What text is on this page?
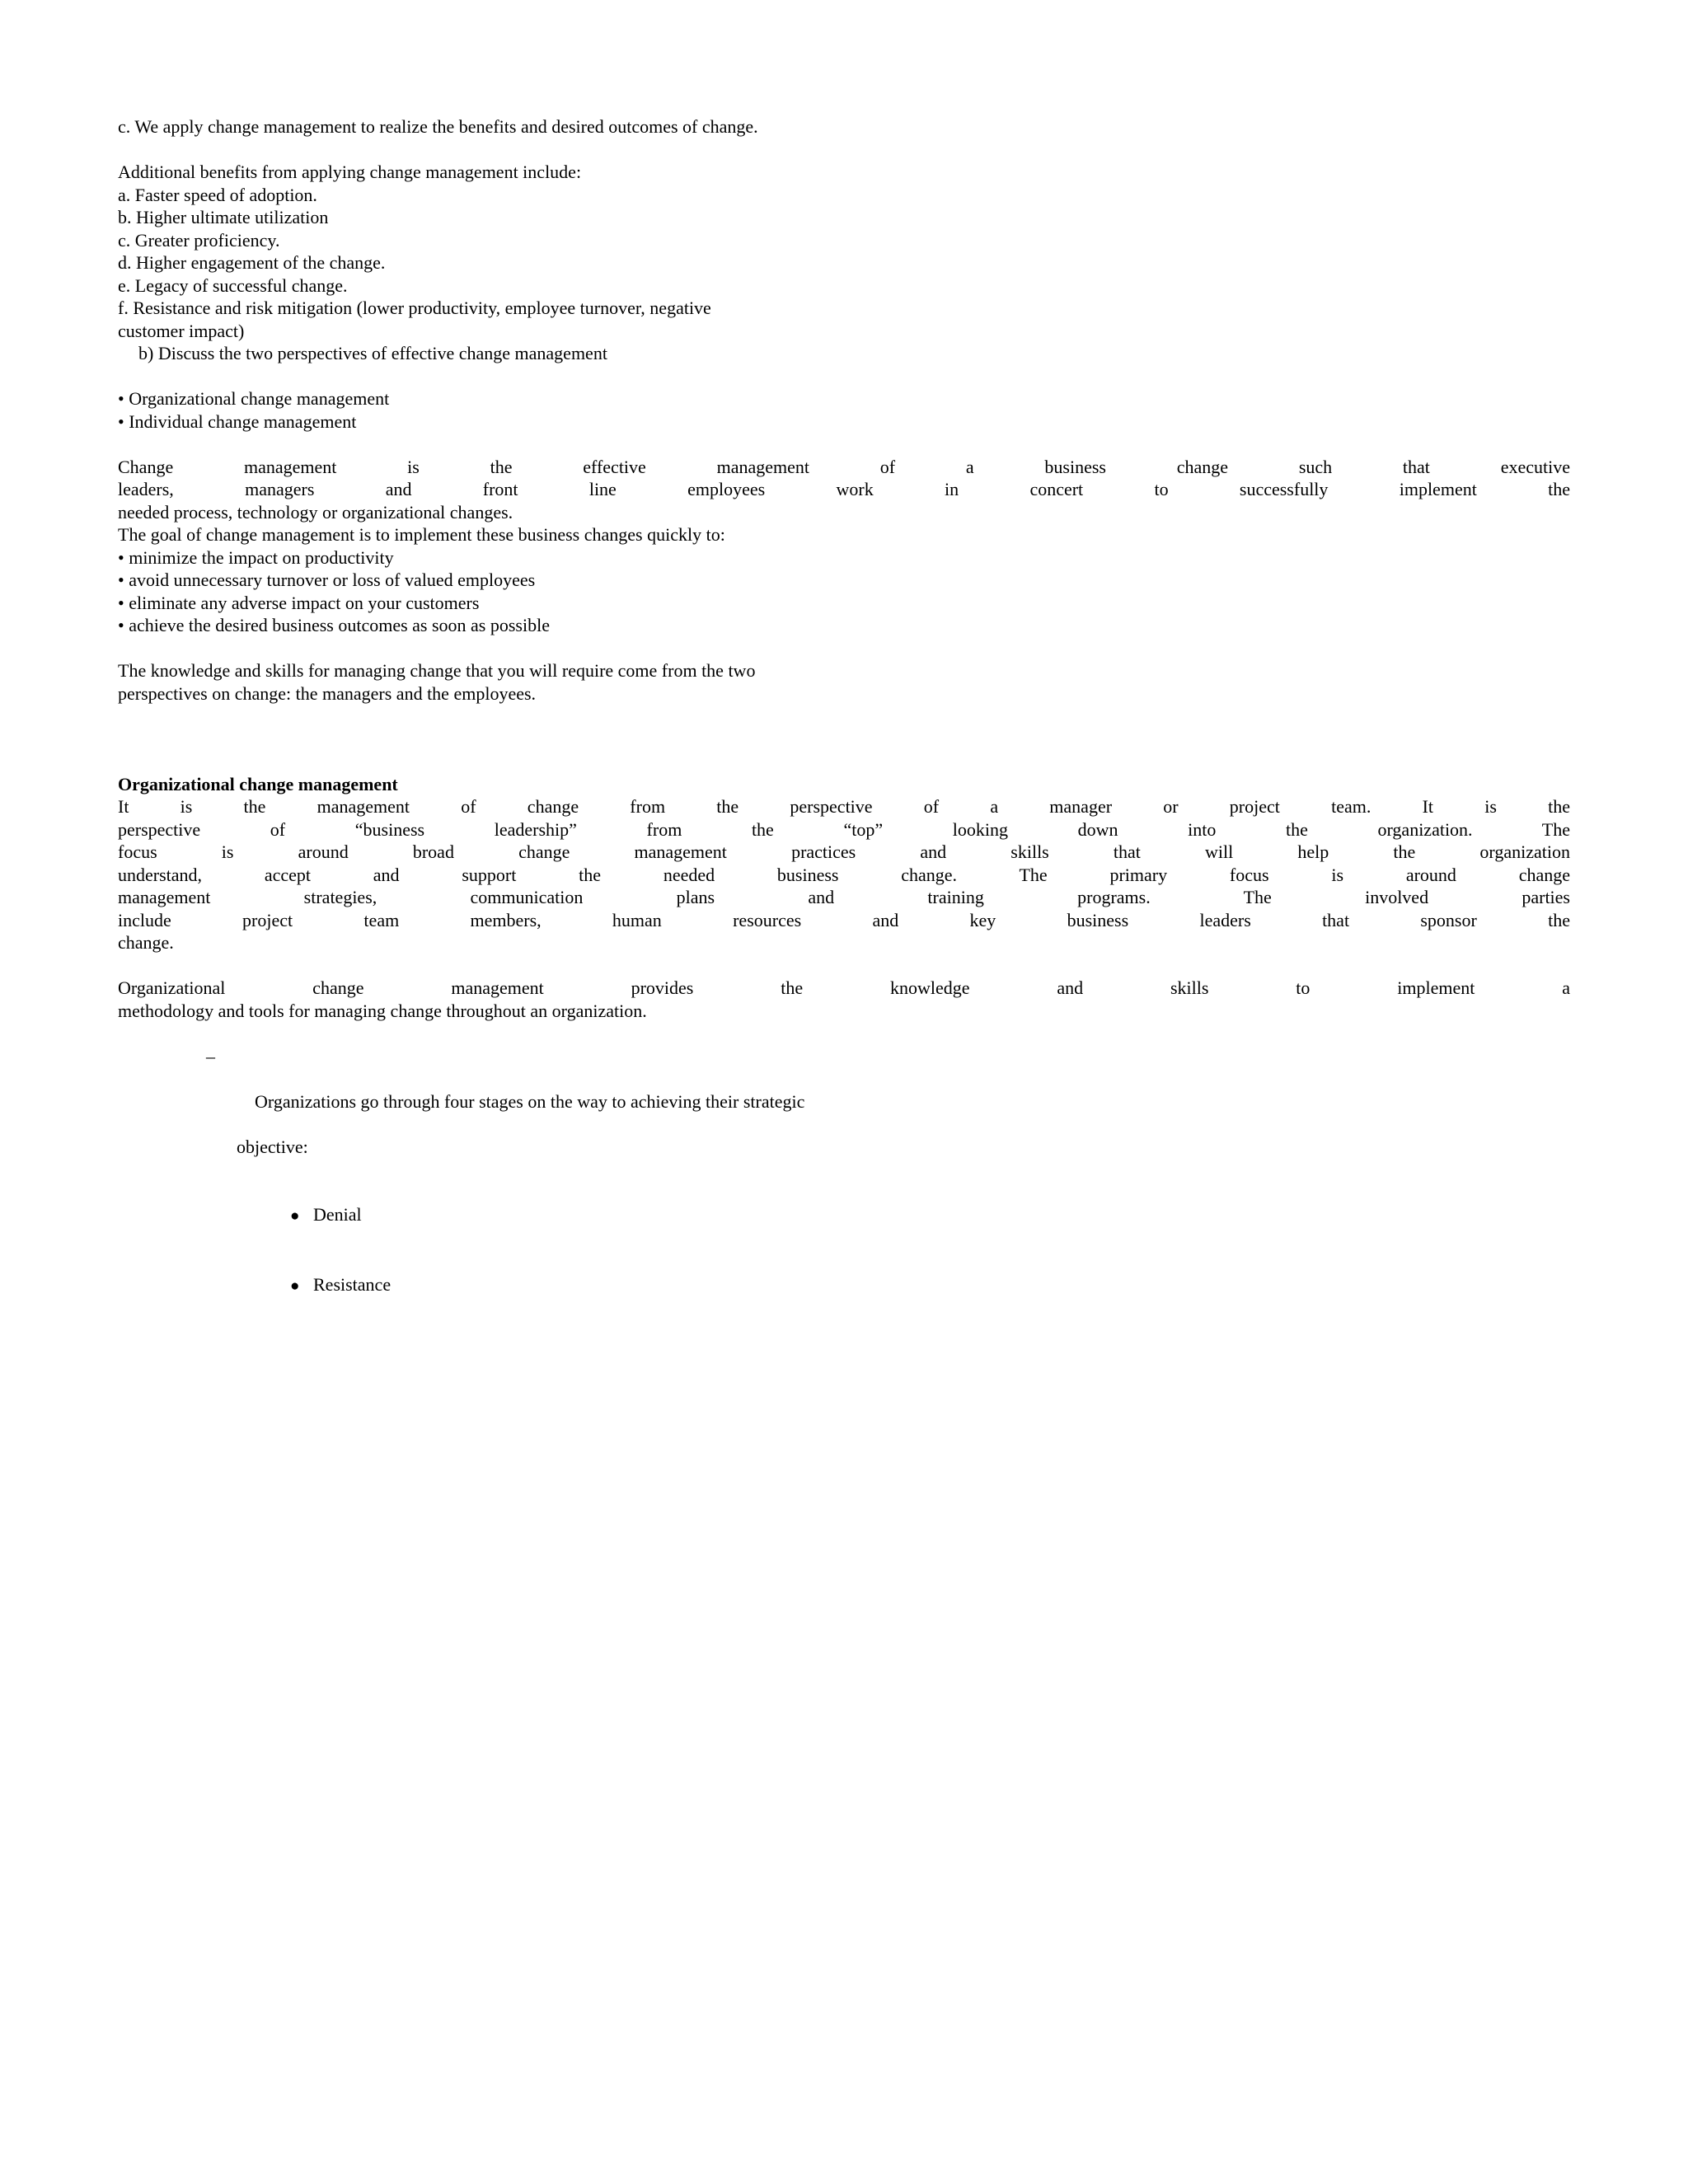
c. We apply change management to realize the benefits and desired outcomes of change.
Additional benefits from applying change management include:
a. Faster speed of adoption.
b. Higher ultimate utilization
c. Greater proficiency.
d. Higher engagement of the change.
e. Legacy of successful change.
f. Resistance and risk mitigation (lower productivity, employee turnover, negative
customer impact)
b) Discuss the two perspectives of effective change management
• Organizational change management
• Individual change management
Change management is the effective management of a business change such that executive
leaders, managers and front line employees work in concert to successfully implement the
needed process, technology or organizational changes.
The goal of change management is to implement these business changes quickly to:
• minimize the impact on productivity
• avoid unnecessary turnover or loss of valued employees
• eliminate any adverse impact on your customers
• achieve the desired business outcomes as soon as possible
The knowledge and skills for managing change that you will require come from the two
perspectives on change: the managers and the employees.
Organizational change management
It is the management of change from the perspective of a manager or project team. It is the
perspective of “business leadership” from the “top” looking down into the organization. The
focus is around broad change management practices and skills that will help the organization
understand, accept and support the needed business change. The primary focus is around change
management strategies, communication plans and training programs. The involved parties
include project team members, human resources and key business leaders that sponsor the
change.
Organizational change management provides the knowledge and skills to implement a
methodology and tools for managing change throughout an organization.

–

Organizations go through four stages on the way to achieving their strategic

objective:

● Denial

● Resistance
